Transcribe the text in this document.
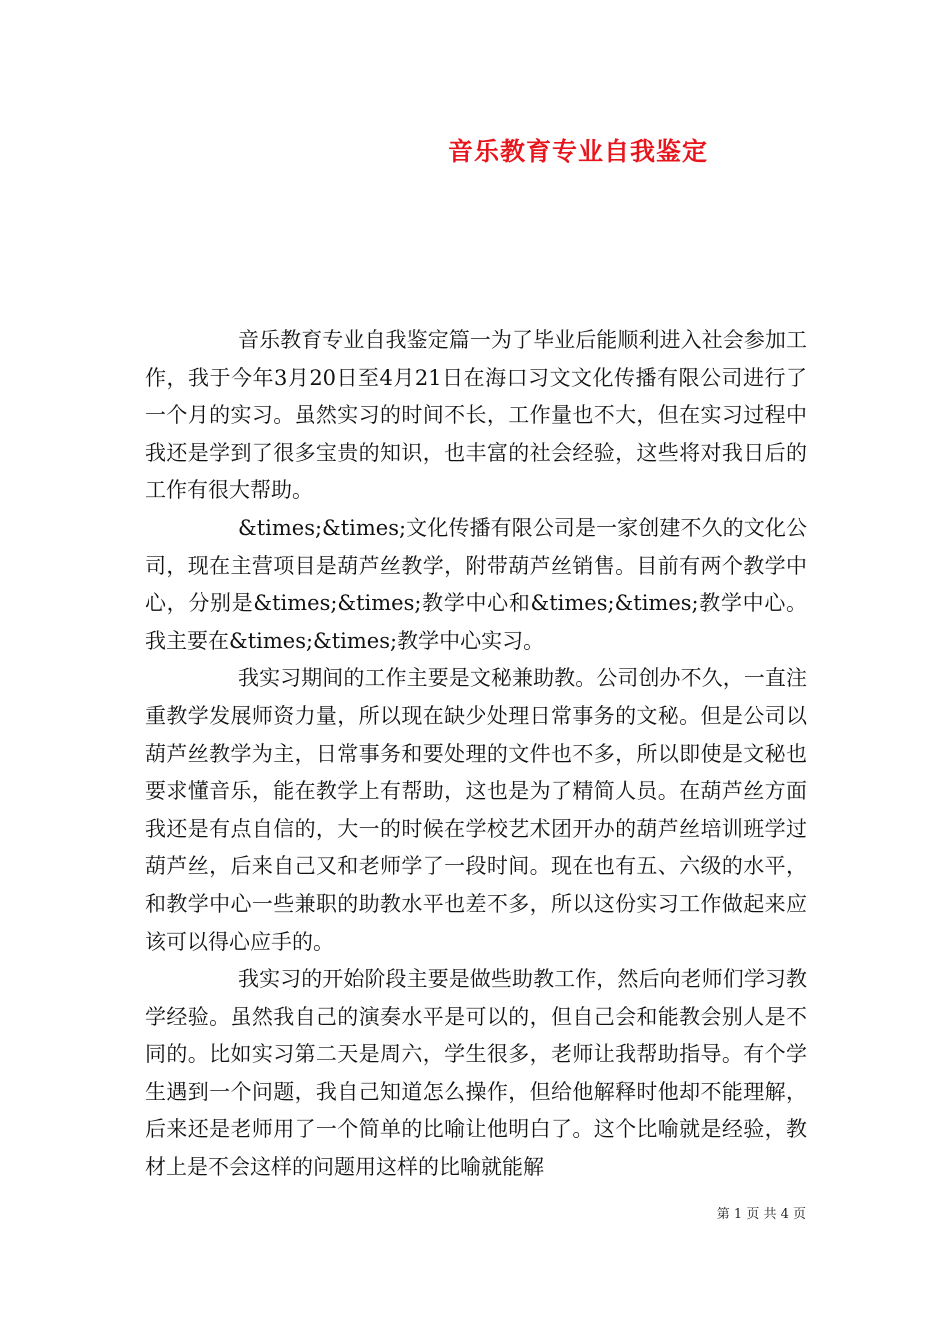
音乐教育专业自我鉴定

音乐教育专业自我鉴定篇一为了毕业后能顺利进入社会参加工作，我于今年3月20日至4月21日在海口习文文化传播有限公司进行了一个月的实习。虽然实习的时间不长，工作量也不大，但在实习过程中我还是学到了很多宝贵的知识，也丰富的社会经验，这些将对我日后的工作有很大帮助。

&times;&times;文化传播有限公司是一家创建不久的文化公司，现在主营项目是葫芦丝教学，附带葫芦丝销售。目前有两个教学中心，分别是&times;&times;教学中心和&times;&times;教学中心。我主要在&times;&times;教学中心实习。

我实习期间的工作主要是文秘兼助教。公司创办不久，一直注重教学发展师资力量，所以现在缺少处理日常事务的文秘。但是公司以葫芦丝教学为主，日常事务和要处理的文件也不多，所以即使是文秘也要求懂音乐，能在教学上有帮助，这也是为了精简人员。在葫芦丝方面我还是有点自信的，大一的时候在学校艺术团开办的葫芦丝培训班学过葫芦丝，后来自己又和老师学了一段时间。现在也有五、六级的水平，和教学中心一些兼职的助教水平也差不多，所以这份实习工作做起来应该可以得心应手的。

我实习的开始阶段主要是做些助教工作，然后向老师们学习教学经验。虽然我自己的演奏水平是可以的，但自己会和能教会别人是不同的。比如实习第二天是周六，学生很多，老师让我帮助指导。有个学生遇到一个问题，我自己知道怎么操作，但给他解释时他却不能理解，后来还是老师用了一个简单的比喻让他明白了。这个比喻就是经验，教材上是不会这样的问题用这样的比喻就能解

第 1 页 共 4 页
